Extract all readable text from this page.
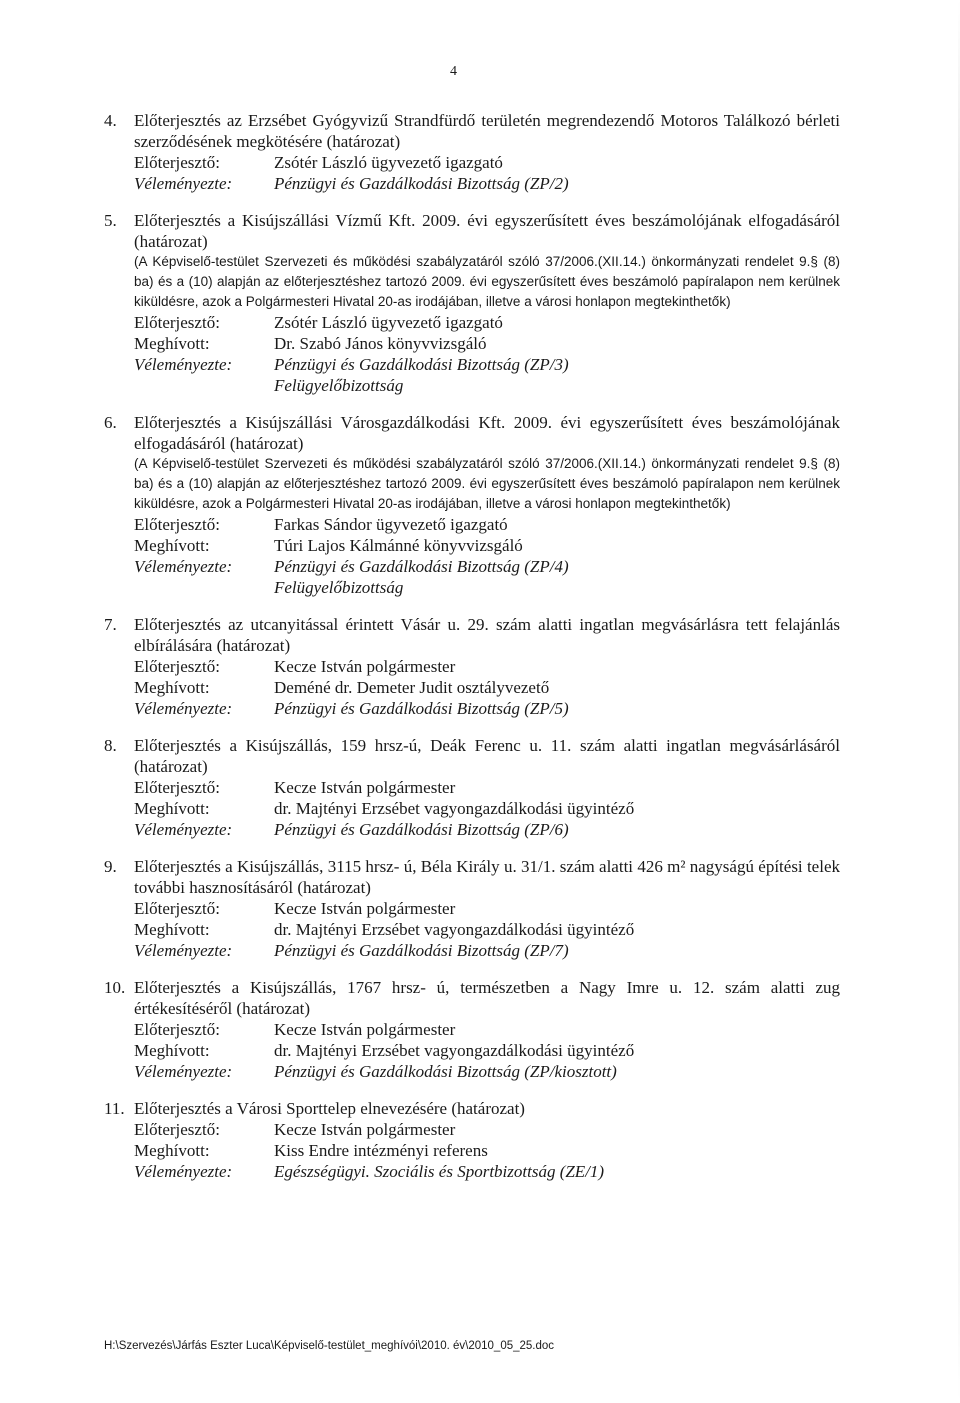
4
4. Előterjesztés az Erzsébet Gyógyvizű Strandfürdő területén megrendezendő Motoros Találkozó bérleti szerződésének megkötésére (határozat)
Előterjesztő:	Zsótér László ügyvezető igazgató
Véleményezte:	Pénzügyi és Gazdálkodási Bizottság (ZP/2)
5. Előterjesztés a Kisújszállási Vízmű Kft. 2009. évi egyszerűsített éves beszámolójának elfogadásáról (határozat)
(A Képviselő-testület Szervezeti és működési szabályzatáról szóló 37/2006.(XII.14.) önkormányzati rendelet 9.§ (8) ba) és a (10) alapján az előterjesztéshez tartozó 2009. évi egyszerűsített éves beszámoló papíralapon nem kerülnek kiküldésre, azok a Polgármesteri Hivatal 20-as irodájában, illetve a városi honlapon megtekinthetők)
Előterjesztő:	Zsótér László ügyvezető igazgató
Meghívott:	Dr. Szabó János könyvvizsgáló
Véleményezte:	Pénzügyi és Gazdálkodási Bizottság (ZP/3)
Felügyelőbizottság
6. Előterjesztés a Kisújszállási Városgazdálkodási Kft. 2009. évi egyszerűsített éves beszámolójának elfogadásáról (határozat)
(A Képviselő-testület Szervezeti és működési szabályzatáról szóló 37/2006.(XII.14.) önkormányzati rendelet 9.§ (8) ba) és a (10) alapján az előterjesztéshez tartozó 2009. évi egyszerűsített éves beszámoló papíralapon nem kerülnek kiküldésre, azok a Polgármesteri Hivatal 20-as irodájában, illetve a városi honlapon megtekinthetők)
Előterjesztő:	Farkas Sándor ügyvezető igazgató
Meghívott:	Túri Lajos Kálmánné könyvvizsgáló
Véleményezte:	Pénzügyi és Gazdálkodási Bizottság (ZP/4)
Felügyelőbizottság
7. Előterjesztés az utcanyitással érintett Vásár u. 29. szám alatti ingatlan megvásárlásra tett felajánlás elbírálására (határozat)
Előterjesztő:	Kecze István polgármester
Meghívott:	Deméné dr. Demeter Judit osztályvezető
Véleményezte:	Pénzügyi és Gazdálkodási Bizottság (ZP/5)
8. Előterjesztés a Kisújszállás, 159 hrsz-ú, Deák Ferenc u. 11. szám alatti ingatlan megvásárlásáról (határozat)
Előterjesztő:	Kecze István polgármester
Meghívott:	dr. Majtényi Erzsébet vagyongazdálkodási ügyintéző
Véleményezte:	Pénzügyi és Gazdálkodási Bizottság (ZP/6)
9. Előterjesztés a Kisújszállás, 3115 hrsz- ú, Béla Király u. 31/1. szám alatti 426 m² nagyságú építési telek további hasznosításáról (határozat)
Előterjesztő:	Kecze István polgármester
Meghívott:	dr. Majtényi Erzsébet vagyongazdálkodási ügyintéző
Véleményezte:	Pénzügyi és Gazdálkodási Bizottság (ZP/7)
10. Előterjesztés a Kisújszállás, 1767 hrsz- ú, természetben a Nagy Imre u. 12. szám alatti zug értékesítéséről (határozat)
Előterjesztő:	Kecze István polgármester
Meghívott:	dr. Majtényi Erzsébet vagyongazdálkodási ügyintéző
Véleményezte:	Pénzügyi és Gazdálkodási Bizottság (ZP/kiosztott)
11. Előterjesztés a Városi Sporttelep elnevezésére (határozat)
Előterjesztő:	Kecze István polgármester
Meghívott:	Kiss Endre intézményi referens
Véleményezte:	Egészségügyi. Szociális és Sportbizottság (ZE/1)
H:\Szervezés\Járfás Eszter Luca\Képviselő-testület_meghívói\2010. év\2010_05_25.doc
